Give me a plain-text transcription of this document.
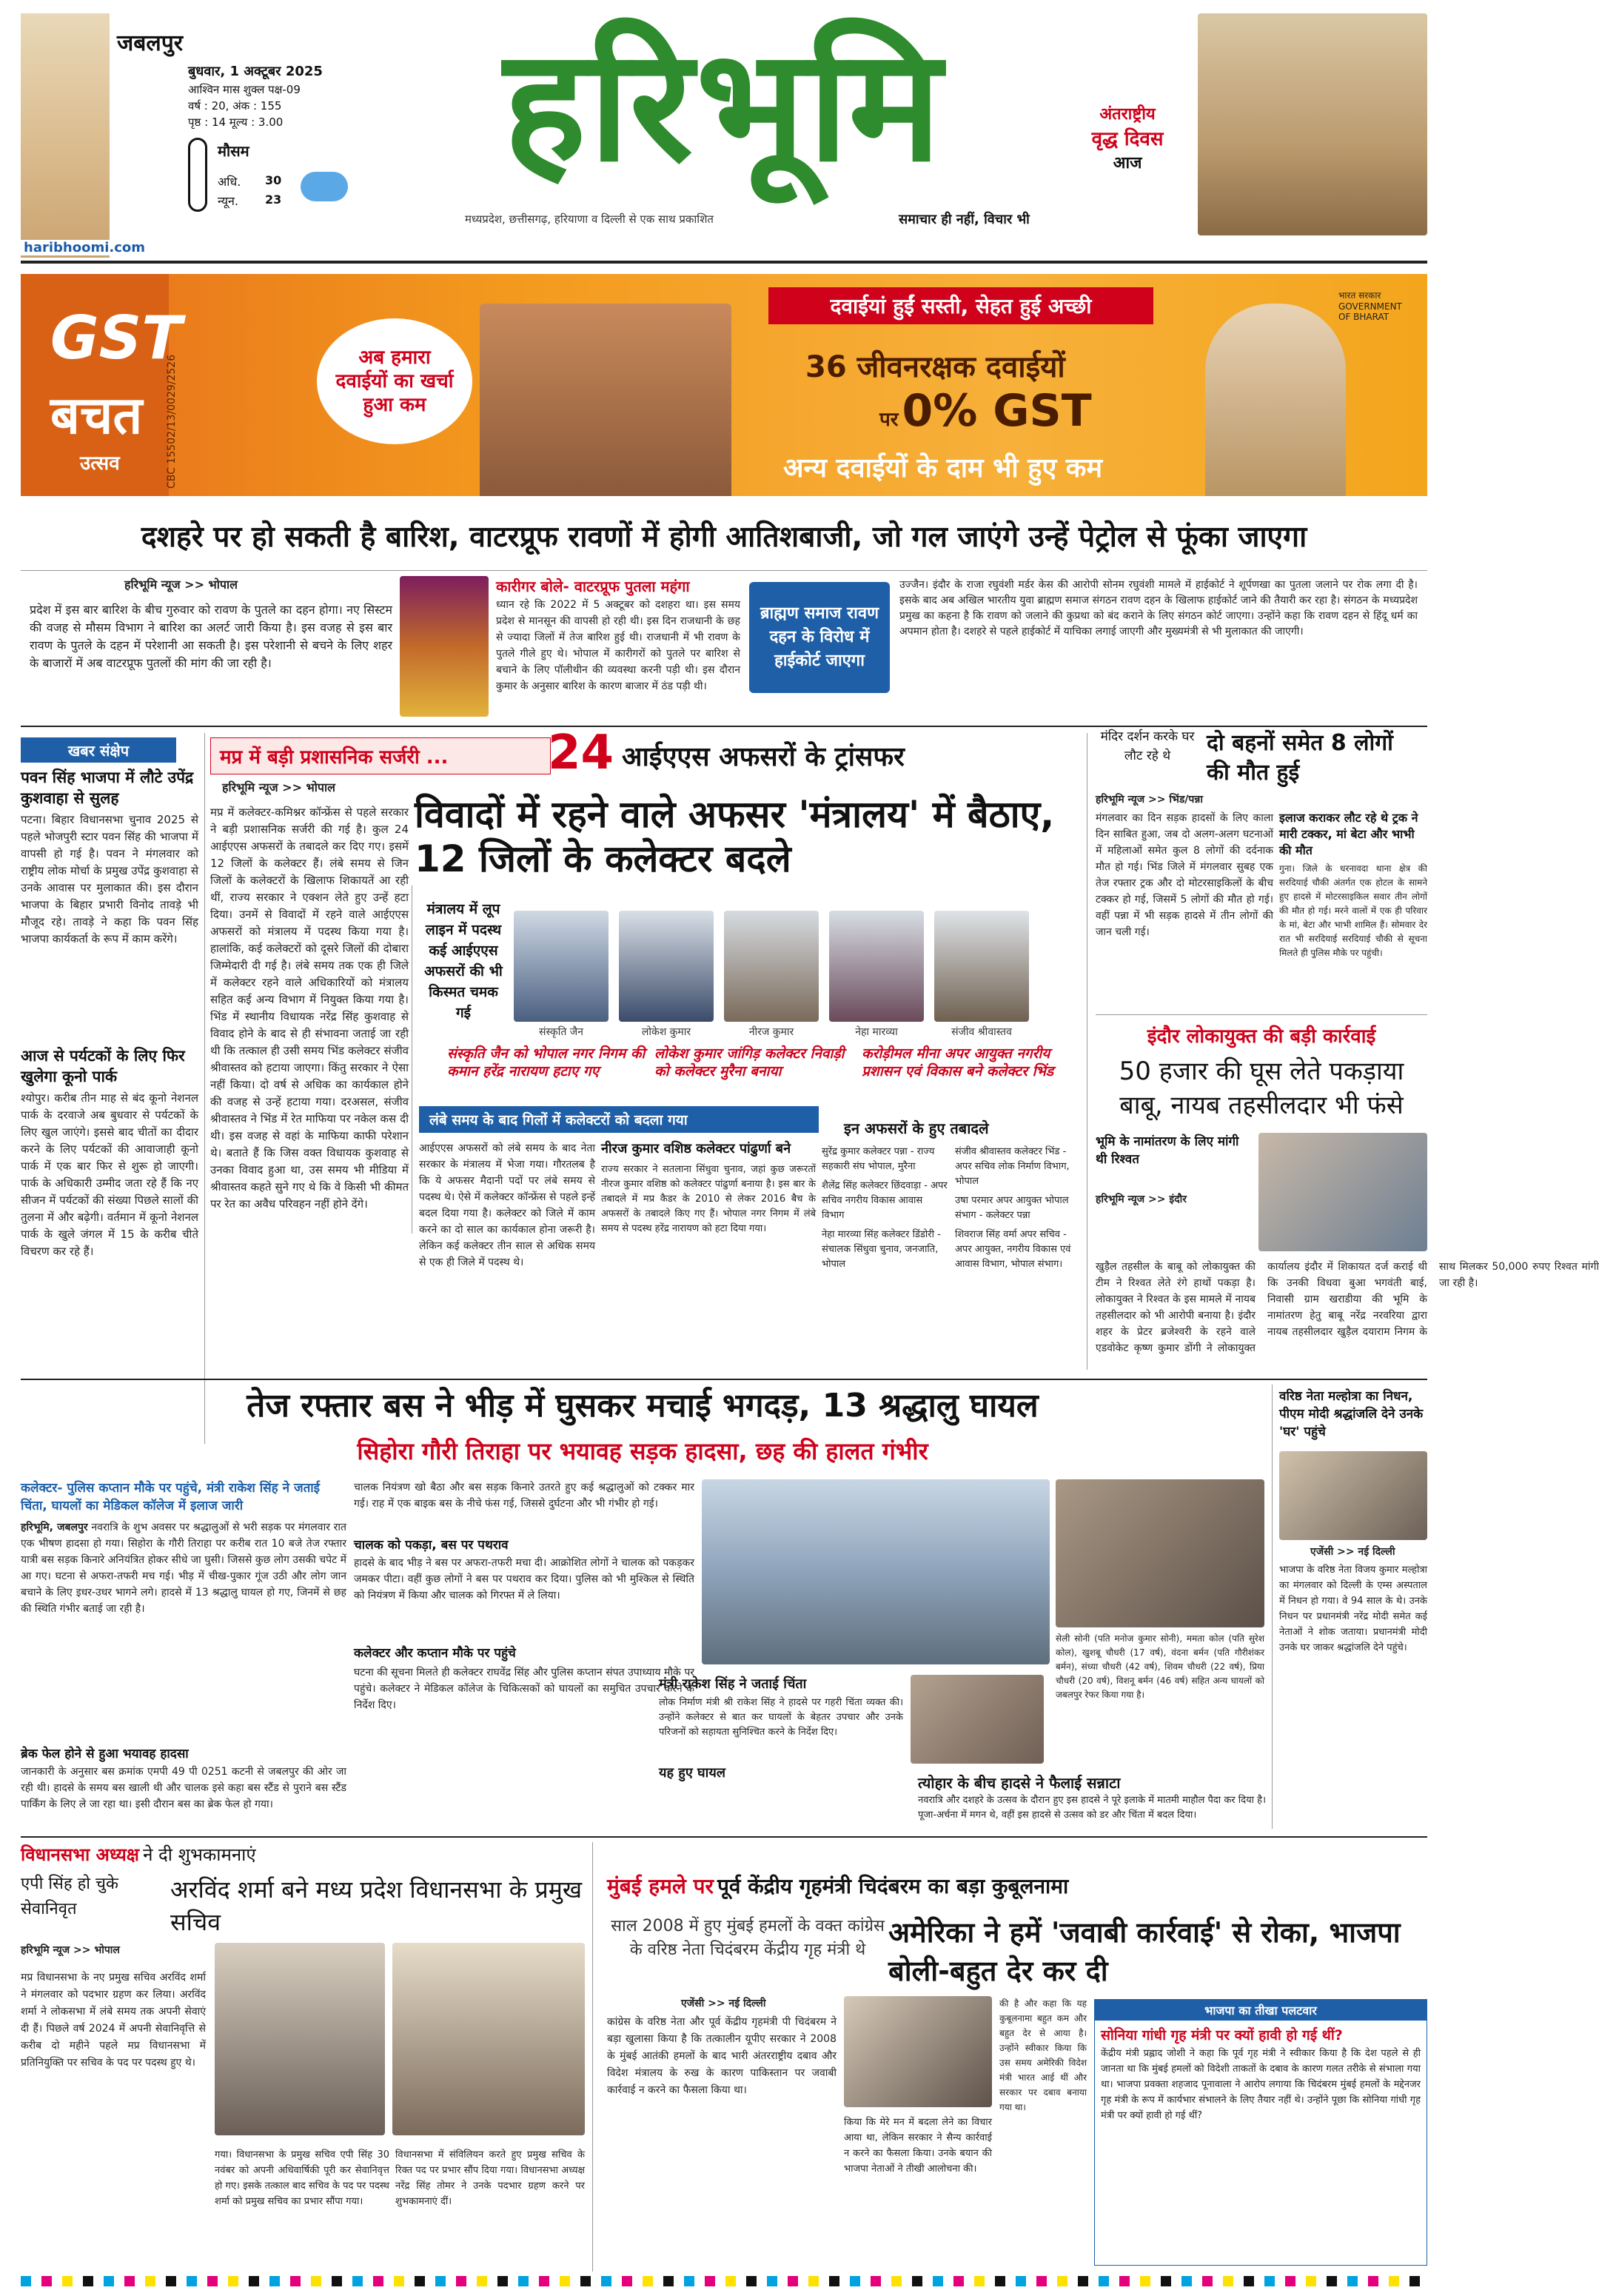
जबलपुर
बुधवार, 1 अक्टूबर 2025
आश्विन मास शुक्ल पक्ष-09
वर्ष : 20, अंक : 155
पृष्ठ : 14 मूल्य : 3.00
मौसम
अधि. 30
न्यून. 23
haribhoomi.com
हरिभूमि
मध्यप्रदेश, छत्तीसगढ़, हरियाणा व दिल्ली से एक साथ प्रकाशित	समाचार ही नहीं, विचार भी
अंतराष्ट्रीय
वृद्ध दिवस
आज
GST
बचत
उत्सव	CBC 15502/13/0029/2526	अब हमारा दवाईयों का खर्चा हुआ कम
दवाईयां हुईं सस्ती, सेहत हुई अच्छी
36 जीवनरक्षक दवाईयों
पर 0% GST
अन्य दवाईयों के दाम भी हुए कम
भारत सरकार
GOVERNMENT
OF BHARAT
दशहरे पर हो सकती है बारिश, वाटरप्रूफ रावणों में होगी आतिशबाजी, जो गल जाएंगे उन्हें पेट्रोल से फूंका जाएगा
हरिभूमि न्यूज >> भोपाल
प्रदेश में इस बार बारिश के बीच गुरुवार को रावण के पुतले का दहन होगा। नए सिस्टम की वजह से मौसम विभाग ने बारिश का अलर्ट जारी किया है। इस वजह से इस बार रावण के पुतले के दहन में परेशानी आ सकती है। इस परेशानी से बचने के लिए शहर के बाजारों में अब वाटरप्रूफ पुतलों की मांग की जा रही है।
कारीगर बोले- वाटरप्रूफ पुतला महंगा
ध्यान रहे कि 2022 में 5 अक्टूबर को दशहरा था। इस समय प्रदेश से मानसून की वापसी हो रही थी। इस दिन राजधानी के छह से ज्यादा जिलों में तेज बारिश हुई थी। राजधानी में भी रावण के पुतले गीले हुए थे। भोपाल में कारीगरों को पुतले पर बारिश से बचाने के लिए पॉलीथीन की व्यवस्था करनी पड़ी थी। इस दौरान कुमार के अनुसार बारिश के कारण बाजार में ठंड पड़ी थी।
ब्राह्मण समाज रावण दहन के विरोध में हाईकोर्ट जाएगा
उज्जैन। इंदौर के राजा रघुवंशी मर्डर केस की आरोपी सोनम रघुवंशी मामले में हाईकोर्ट ने शूर्पणखा का पुतला जलाने पर रोक लगा दी है। इसके बाद अब अखिल भारतीय युवा ब्राह्मण समाज संगठन रावण दहन के खिलाफ हाईकोर्ट जाने की तैयारी कर रहा है। संगठन के मध्यप्रदेश प्रमुख का कहना है कि रावण को जलाने की कुप्रथा को बंद कराने के लिए संगठन कोर्ट जाएगा। उन्होंने कहा कि रावण दहन से हिंदू धर्म का अपमान होता है। दशहरे से पहले हाईकोर्ट में याचिका लगाई जाएगी और मुख्यमंत्री से भी मुलाकात की जाएगी।
खबर संक्षेप
पवन सिंह भाजपा में लौटे उपेंद्र कुशवाहा से सुलह
पटना। बिहार विधानसभा चुनाव 2025 से पहले भोजपुरी स्टार पवन सिंह की भाजपा में वापसी हो गई है। पवन ने मंगलवार को राष्ट्रीय लोक मोर्चा के प्रमुख उपेंद्र कुशवाहा से उनके आवास पर मुलाकात की। इस दौरान भाजपा के बिहार प्रभारी विनोद तावड़े भी मौजूद रहे। तावड़े ने कहा कि पवन सिंह भाजपा कार्यकर्ता के रूप में काम करेंगे।
आज से पर्यटकों के लिए फिर खुलेगा कूनो पार्क
श्योपुर। करीब तीन माह से बंद कूनो नेशनल पार्क के दरवाजे अब बुधवार से पर्यटकों के लिए खुल जाएंगे। इससे बाद चीतों का दीदार करने के लिए पर्यटकों की आवाजाही कूनो पार्क में एक बार फिर से शुरू हो जाएगी। पार्क के अधिकारी उम्मीद जता रहे हैं कि नए सीजन में पर्यटकों की संख्या पिछले सालों की तुलना में और बढ़ेगी। वर्तमान में कूनो नेशनल पार्क के खुले जंगल में 15 के करीब चीते विचरण कर रहे हैं।
मप्र में बड़ी प्रशासनिक सर्जरी ... 24 आईएएस अफसरों के ट्रांसफर
हरिभूमि न्यूज >> भोपाल
विवादों में रहने वाले अफसर 'मंत्रालय' में बैठाए, 12 जिलों के कलेक्टर बदले
मप्र में कलेक्टर-कमिश्नर कॉन्फ्रेंस से पहले सरकार ने बड़ी प्रशासनिक सर्जरी की गई है। कुल 24 आईएएस अफसरों के तबादले कर दिए गए। इसमें 12 जिलों के कलेक्टर हैं। लंबे समय से जिन जिलों के कलेक्टरों के खिलाफ शिकायतें आ रही थीं, राज्य सरकार ने एक्शन लेते हुए उन्हें हटा दिया। उनमें से विवादों में रहने वाले आईएएस अफसरों को मंत्रालय में पदस्थ किया गया है। हालांकि, कई कलेक्टरों को दूसरे जिलों की दोबारा जिम्मेदारी दी गई है। लंबे समय तक एक ही जिले में कलेक्टर रहने वाले अधिकारियों को मंत्रालय सहित कई अन्य विभाग में नियुक्त किया गया है। भिंड में स्थानीय विधायक नरेंद्र सिंह कुशवाह से विवाद होने के बाद से ही संभावना जताई जा रही थी कि तत्काल ही उसी समय भिंड कलेक्टर संजीव श्रीवास्तव को हटाया जाएगा। किंतु सरकार ने ऐसा नहीं किया। दो वर्ष से अधिक का कार्यकाल होने की वजह से उन्हें हटाया गया। दरअसल, संजीव श्रीवास्तव ने भिंड में रेत माफिया पर नकेल कस दी थी। इस वजह से वहां के माफिया काफी परेशान थे। बताते हैं कि जिस वक्त विधायक कुशवाह से उनका विवाद हुआ था, उस समय भी मीडिया में श्रीवास्तव कहते सुने गए थे कि वे किसी भी कीमत पर रेत का अवैध परिवहन नहीं होने देंगे।
मंत्रालय में लूप लाइन में पदस्थ कई आईएएस अफसरों की भी किस्मत चमक गई
संस्कृति जैन	लोकेश कुमार	नीरज कुमार	नेहा मारव्या	संजीव श्रीवास्तव
संस्कृति जैन को भोपाल नगर निगम की कमान हरेंद्र नारायण हटाए गए
लोकेश कुमार जांगिड़ कलेक्टर निवाड़ी को कलेक्टर मुरैना बनाया
करोड़ीमल मीना अपर आयुक्त नगरीय प्रशासन एवं विकास बने कलेक्टर भिंड
लंबे समय के बाद गिलों में कलेक्टरों को बदला गया
आईएएस अफसरों को लंबे समय के बाद नेता सरकार के मंत्रालय में भेजा गया। गौरतलब है कि ये अफसर मैदानी पदों पर लंबे समय से पदस्थ थे। ऐसे में कलेक्टर कॉन्फ्रेंस से पहले इन्हें बदल दिया गया है। कलेक्टर को जिले में काम करने का दो साल का कार्यकाल होना जरूरी है। लेकिन कई कलेक्टर तीन साल से अधिक समय से एक ही जिले में पदस्थ थे।
नीरज कुमार वशिष्ठ कलेक्टर पांढुर्णा बने
राज्य सरकार ने सतलाना सिंधुवा चुनाव, जहां कुछ जरूरतों नीरज कुमार वशिष्ठ को कलेक्टर पांढुर्णा बनाया है। इस बार के तबादले में मप्र कैडर के 2010 से लेकर 2016 बैच के अफसरों के तबादले किए गए हैं। भोपाल नगर निगम में लंबे समय से पदस्थ हरेंद्र नारायण को हटा दिया गया।
इन अफसरों के हुए तबादले
सुरेंद्र कुमार कलेक्टर पन्ना - राज्य सहकारी संघ भोपाल, मुरैना
शैलेंद्र सिंह कलेक्टर छिंदवाड़ा - अपर सचिव नगरीय विकास आवास विभाग
नेहा मारव्या सिंह कलेक्टर डिंडोरी - संचालक सिंधुवा चुनाव, जनजाति, भोपाल
संजीव श्रीवास्तव कलेक्टर भिंड - अपर सचिव लोक निर्माण विभाग, भोपाल
उषा परमार अपर आयुक्त भोपाल संभाग - कलेक्टर पन्ना
शिवराज सिंह वर्मा अपर सचिव - अपर आयुक्त, नगरीय विकास एवं आवास विभाग, भोपाल संभाग।
मंदिर दर्शन करके घर लौट रहे थे	दो बहनों समेत 8 लोगों की मौत हुई
हरिभूमि न्यूज >> भिंड/पन्ना
मंगलवार का दिन सड़क हादसों के लिए काला दिन साबित हुआ, जब दो अलग-अलग घटनाओं में महिलाओं समेत कुल 8 लोगों की दर्दनाक मौत हो गई। भिंड जिले में मंगलवार सुबह एक तेज रफ्तार ट्रक और दो मोटरसाइकिलों के बीच टक्कर हो गई, जिसमें 5 लोगों की मौत हो गई। वहीं पन्ना में भी सड़क हादसे में तीन लोगों की जान चली गई।
इलाज कराकर लौट रहे थे ट्रक ने मारी टक्कर, मां बेटा और भाभी की मौत
गुना। जिले के धरनावदा थाना क्षेत्र की सरदियाई चौकी अंतर्गत एक होटल के सामने हुए हादसे में मोटरसाइकिल सवार तीन लोगों की मौत हो गई। मरने वालों में एक ही परिवार के मां, बेटा और भाभी शामिल हैं। सोमवार देर रात भी सरदियाई सरदियाई चौकी से सूचना मिलते ही पुलिस मौके पर पहुंची।
इंदौर लोकायुक्त की बड़ी कार्रवाई
50 हजार की घूस लेते पकड़ाया बाबू, नायब तहसीलदार भी फंसे
भूमि के नामांतरण के लिए मांगी थी रिश्वत
हरिभूमि न्यूज >> इंदौर
खुड़ैल तहसील के बाबू को लोकायुक्त की टीम ने रिश्वत लेते रंगे हाथों पकड़ा है। लोकायुक्त ने रिश्वत के इस मामले में नायब तहसीलदार को भी आरोपी बनाया है। इंदौर शहर के प्रेटर ब्रजेश्वरी के रहने वाले एडवोकेट कृष्ण कुमार डोंगी ने लोकायुक्त कार्यालय इंदौर में शिकायत दर्ज कराई थी कि उनकी विधवा बुआ भगवंती बाई, निवासी ग्राम खराडीया की भूमि के नामांतरण हेतु बाबू नरेंद्र नरवरिया द्वारा नायब तहसीलदार खुड़ैल दयाराम निगम के साथ मिलकर 50,000 रुपए रिश्वत मांगी जा रही है।
तेज रफ्तार बस ने भीड़ में घुसकर मचाई भगदड़, 13 श्रद्धालु घायल
सिहोरा गौरी तिराहा पर भयावह सड़क हादसा, छह की हालत गंभीर
कलेक्टर- पुलिस कप्तान मौके पर पहुंचे, मंत्री राकेश सिंह ने जताई चिंता, घायलों का मेडिकल कॉलेज में इलाज जारी
हरिभूमि, जबलपुर नवरात्रि के शुभ अवसर पर श्रद्धालुओं से भरी सड़क पर मंगलवार रात एक भीषण हादसा हो गया। सिहोरा के गौरी तिराहा पर करीब रात 10 बजे तेज रफ्तार यात्री बस सड़क किनारे अनियंत्रित होकर सीधे जा घुसी। जिससे कुछ लोग उसकी चपेट में आ गए। घटना से अफरा-तफरी मच गई। भीड़ में चीख-पुकार गूंज उठी और लोग जान बचाने के लिए इधर-उधर भागने लगे। हादसे में 13 श्रद्धालु घायल हो गए, जिनमें से छह की स्थिति गंभीर बताई जा रही है।
ब्रेक फेल होने से हुआ भयावह हादसा
जानकारी के अनुसार बस क्रमांक एमपी 49 पी 0251 कटनी से जबलपुर की ओर जा रही थी। हादसे के समय बस खाली थी और चालक इसे कहा बस स्टैंड से पुराने बस स्टैंड पार्किंग के लिए ले जा रहा था। इसी दौरान बस का ब्रेक फेल हो गया।
चालक नियंत्रण खो बैठा और बस सड़क किनारे उतरते हुए कई श्रद्धालुओं को टक्कर मार गई। राह में एक बाइक बस के नीचे फंस गई, जिससे दुर्घटना और भी गंभीर हो गई।
चालक को पकड़ा, बस पर पथराव
हादसे के बाद भीड़ ने बस पर अफरा-तफरी मचा दी। आक्रोशित लोगों ने चालक को पकड़कर जमकर पीटा। वहीं कुछ लोगों ने बस पर पथराव कर दिया। पुलिस को भी मुश्किल से स्थिति को नियंत्रण में किया और चालक को गिरफ्त में ले लिया।
सेली सोनी (पति मनोज कुमार सोनी), ममता कोल (पति सुरेश कोल), खुशबू चौधरी (17 वर्ष), वंदना बर्मन (पति गौरीशंकर बर्मन), संध्या चौधरी (42 वर्ष), शिवम चौधरी (22 वर्ष), प्रिया चौधरी (20 वर्ष), विशनू बर्मन (46 वर्ष) सहित अन्य घायलों को जबलपुर रेफर किया गया है।
कलेक्टर और कप्तान मौके पर पहुंचे
घटना की सूचना मिलते ही कलेक्टर राघवेंद्र सिंह और पुलिस कप्तान संपत उपाध्याय मौके पर पहुंचे। कलेक्टर ने मेडिकल कॉलेज के चिकित्सकों को घायलों का समुचित उपचार करने के निर्देश दिए।
मंत्री राकेश सिंह ने जताई चिंता
लोक निर्माण मंत्री श्री राकेश सिंह ने हादसे पर गहरी चिंता व्यक्त की। उन्होंने कलेक्टर से बात कर घायलों के बेहतर उपचार और उनके परिजनों को सहायता सुनिश्चित करने के निर्देश दिए।
यह हुए घायल
त्योहार के बीच हादसे ने फैलाई सन्नाटा
नवरात्रि और दशहरे के उत्सव के दौरान हुए इस हादसे ने पूरे इलाके में मातमी माहौल पैदा कर दिया है। पूजा-अर्चना में मगन थे, वहीं इस हादसे से उत्सव को डर और चिंता में बदल दिया।
वरिष्ठ नेता मल्होत्रा का निधन, पीएम मोदी श्रद्धांजलि देने उनके 'घर' पहुंचे
एजेंसी >> नई दिल्ली
भाजपा के वरिष्ठ नेता विजय कुमार मल्होत्रा का मंगलवार को दिल्ली के एम्स अस्पताल में निधन हो गया। वे 94 साल के थे। उनके निधन पर प्रधानमंत्री नरेंद्र मोदी समेत कई नेताओं ने शोक जताया। प्रधानमंत्री मोदी उनके घर जाकर श्रद्धांजलि देने पहुंचे।
विधानसभा अध्यक्ष ने दी शुभकामनाएं
एपी सिंह हो चुके सेवानिवृत
अरविंद शर्मा बने मध्य प्रदेश विधानसभा के प्रमुख सचिव
हरिभूमि न्यूज >> भोपाल
मप्र विधानसभा के नए प्रमुख सचिव अरविंद शर्मा ने मंगलवार को पदभार ग्रहण कर लिया। अरविंद शर्मा ने लोकसभा में लंबे समय तक अपनी सेवाएं दी हैं। पिछले वर्ष 2024 में अपनी सेवानिवृत्ति से करीब दो महीने पहले मप्र विधानसभा में प्रतिनियुक्ति पर सचिव के पद पर पदस्थ हुए थे।
गया। विधानसभा के प्रमुख सचिव एपी सिंह 30 नवंबर को अपनी अधिवार्षिकी पूरी कर सेवानिवृत्त हो गए। इसके तत्काल बाद सचिव के पद पर पदस्थ शर्मा को प्रमुख सचिव का प्रभार सौंपा गया।
विधानसभा में संविलियन करते हुए प्रमुख सचिव के रिक्त पद पर प्रभार सौंप दिया गया। विधानसभा अध्यक्ष नरेंद्र सिंह तोमर ने उनके पदभार ग्रहण करने पर शुभकामनाएं दीं।
मुंबई हमले पर पूर्व केंद्रीय गृहमंत्री चिदंबरम का बड़ा कुबूलनामा
साल 2008 में हुए मुंबई हमलों के वक्त कांग्रेस के वरिष्ठ नेता चिदंबरम केंद्रीय गृह मंत्री थे
अमेरिका ने हमें 'जवाबी कार्रवाई' से रोका, भाजपा बोली-बहुत देर कर दी
एजेंसी >> नई दिल्ली
कांग्रेस के वरिष्ठ नेता और पूर्व केंद्रीय गृहमंत्री पी चिदंबरम ने बड़ा खुलासा किया है कि तत्कालीन यूपीए सरकार ने 2008 के मुंबई आतंकी हमलों के बाद भारी अंतरराष्ट्रीय दबाव और विदेश मंत्रालय के रुख के कारण पाकिस्तान पर जवाबी कार्रवाई न करने का फैसला किया था।
किया कि मेरे मन में बदला लेने का विचार आया था, लेकिन सरकार ने सैन्य कार्रवाई न करने का फैसला किया। उनके बयान की भाजपा नेताओं ने तीखी आलोचना की।
की है और कहा कि यह कुबूलनामा बहुत कम और बहुत देर से आया है। उन्होंने स्वीकार किया कि उस समय अमेरिकी विदेश मंत्री भारत आई थीं और सरकार पर दबाव बनाया गया था।
भाजपा का तीखा पलटवार
सोनिया गांधी गृह मंत्री पर क्यों हावी हो गई थीं?
केंद्रीय मंत्री प्रह्लाद जोशी ने कहा कि पूर्व गृह मंत्री ने स्वीकार किया है कि देश पहले से ही जानता था कि मुंबई हमलों को विदेशी ताकतों के दबाव के कारण गलत तरीके से संभाला गया था। भाजपा प्रवक्ता शहजाद पूनावाला ने आरोप लगाया कि चिदंबरम मुंबई हमलों के मद्देनजर गृह मंत्री के रूप में कार्यभार संभालने के लिए तैयार नहीं थे। उन्होंने पूछा कि सोनिया गांधी गृह मंत्री पर क्यों हावी हो गई थीं?
